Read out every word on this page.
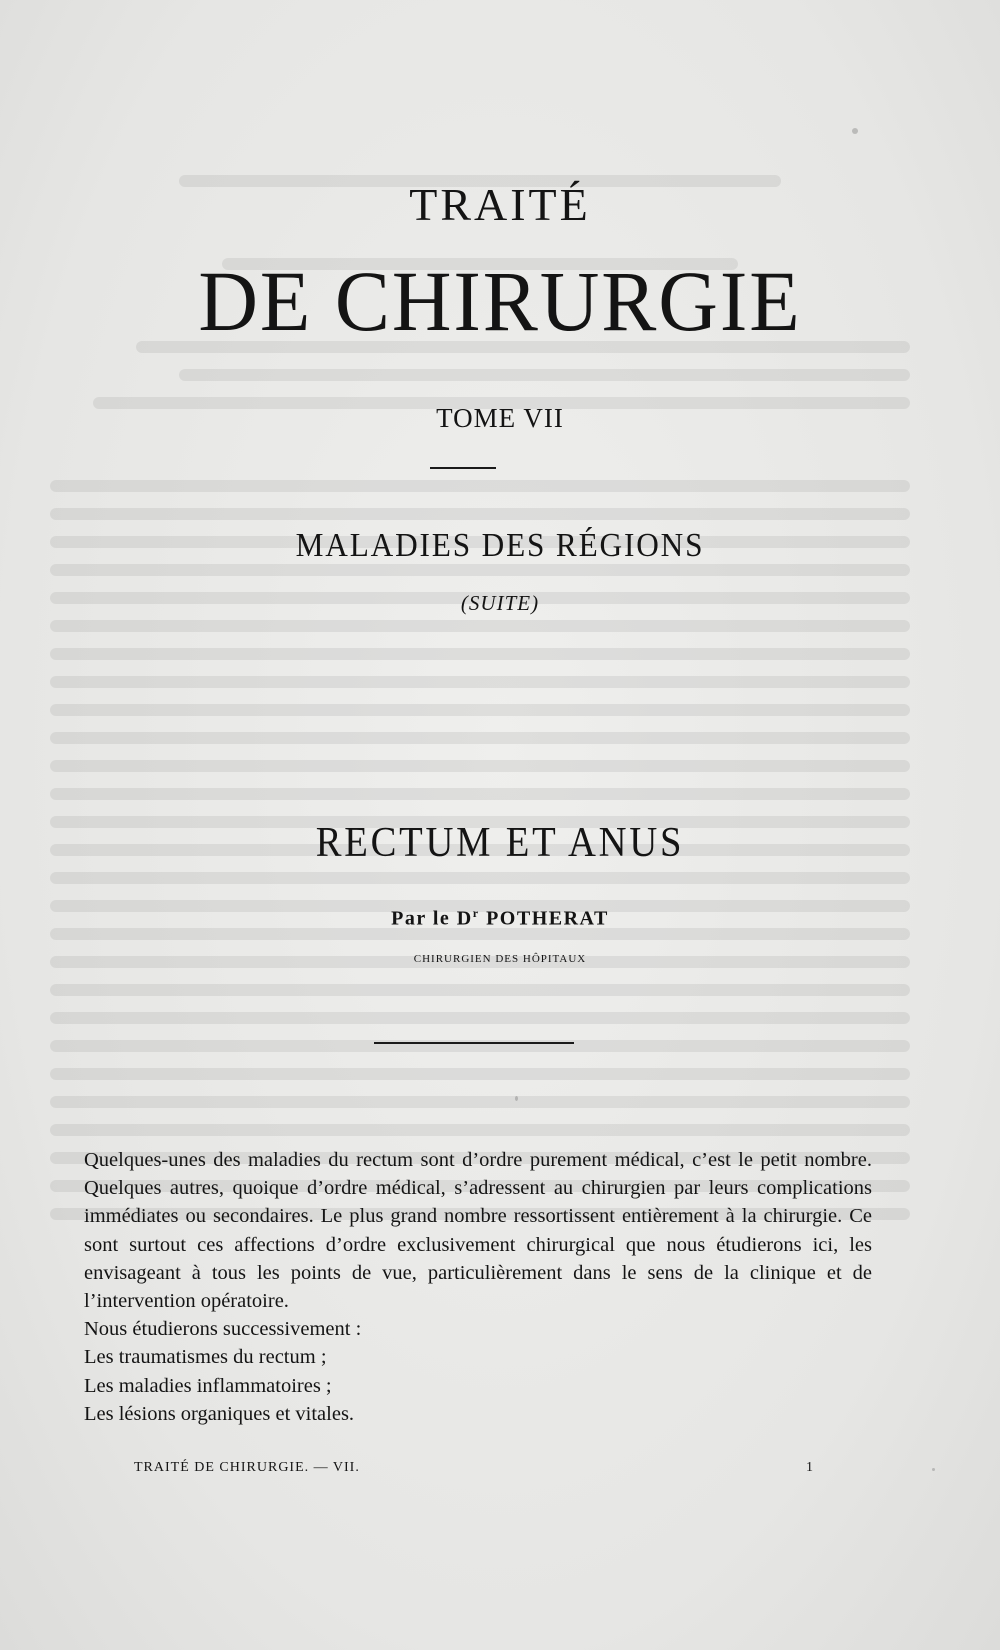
TRAITÉ
DE CHIRURGIE
TOME VII
MALADIES DES RÉGIONS
(SUITE)
RECTUM ET ANUS
Par le $D^r$ POTHERAT
CHIRURGIEN DES HÔPITAUX

Quelques-unes des maladies du rectum sont d’ordre purement médical, c’est le petit nombre. Quelques autres, quoique d’ordre médical, s’adressent au chirurgien par leurs complications immédiates ou secondaires. Le plus grand nombre ressortissent entièrement à la chirurgie. Ce sont surtout ces affections d’ordre exclusivement chirurgical que nous étudierons ici, les envisageant à tous les points de vue, particulièrement dans le sens de la clinique et de l’intervention opératoire.

Nous étudierons successivement :
Les traumatismes du rectum ;
Les maladies inflammatoires ;
Les lésions organiques et vitales.
TRAITÉ DE CHIRURGIE. — VII.	1
